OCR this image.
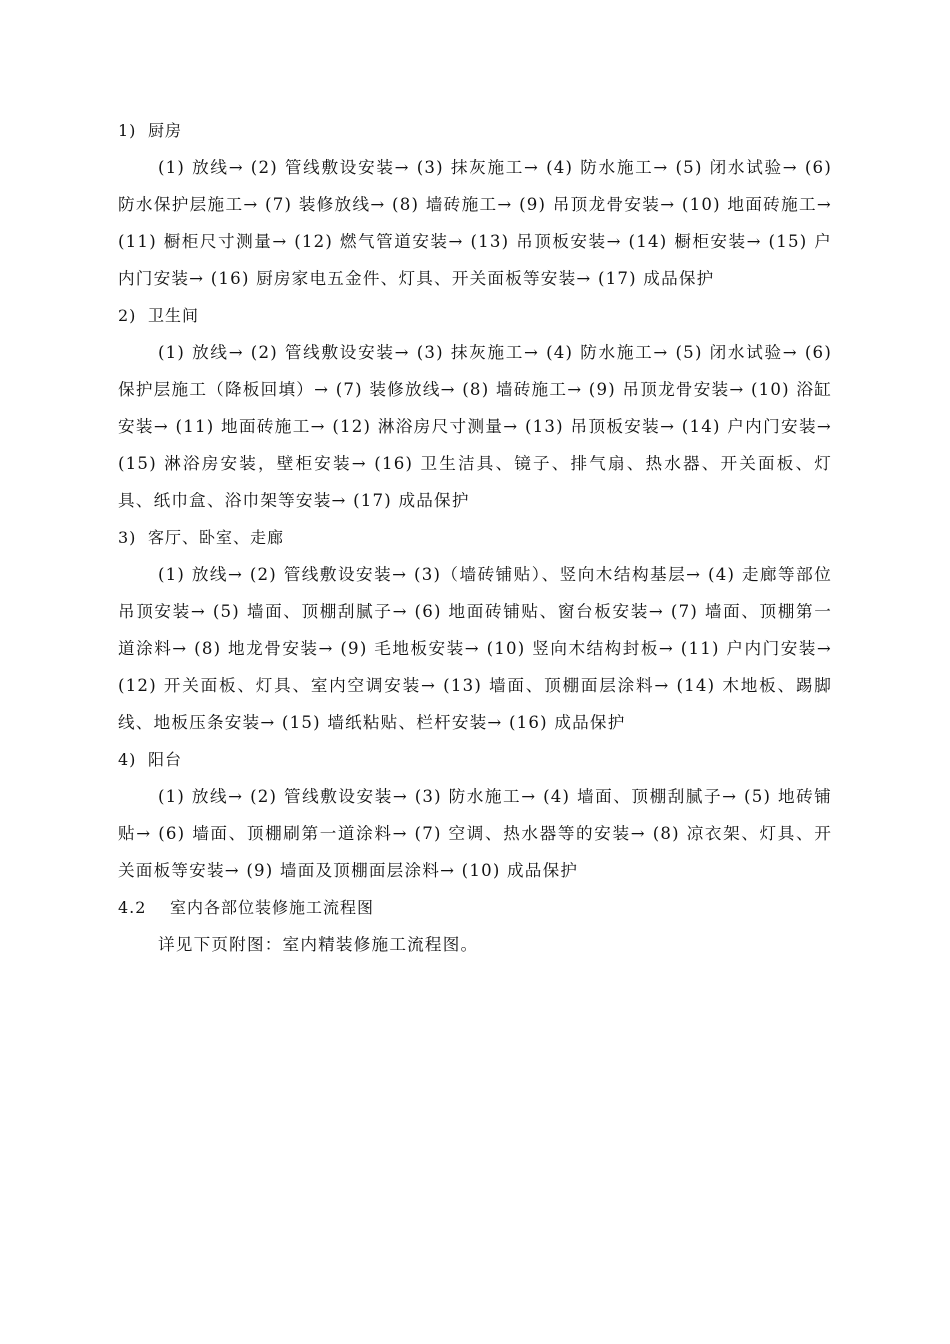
1) 厨房

(1) 放线→ (2) 管线敷设安装→ (3) 抹灰施工→ (4) 防水施工→ (5) 闭水试验→ (6) 防水保护层施工→ (7) 装修放线→ (8) 墙砖施工→ (9) 吊顶龙骨安装→ (10) 地面砖施工→ (11) 橱柜尺寸测量→ (12) 燃气管道安装→ (13) 吊顶板安装→ (14) 橱柜安装→ (15) 户内门安装→ (16) 厨房家电五金件、灯具、开关面板等安装→ (17) 成品保护

2) 卫生间

(1) 放线→ (2) 管线敷设安装→ (3) 抹灰施工→ (4) 防水施工→ (5) 闭水试验→ (6) 保护层施工（降板回填）→ (7) 装修放线→ (8) 墙砖施工→ (9) 吊顶龙骨安装→ (10) 浴缸安装→ (11) 地面砖施工→ (12) 淋浴房尺寸测量→ (13) 吊顶板安装→ (14) 户内门安装→ (15) 淋浴房安装，壁柜安装→ (16) 卫生洁具、镜子、排气扇、热水器、开关面板、灯具、纸巾盒、浴巾架等安装→ (17) 成品保护

3) 客厅、卧室、走廊

(1) 放线→ (2) 管线敷设安装→ (3)（墙砖铺贴）、竖向木结构基层→ (4) 走廊等部位吊顶安装→ (5) 墙面、顶棚刮腻子→ (6) 地面砖铺贴、窗台板安装→ (7) 墙面、顶棚第一道涂料→ (8) 地龙骨安装→ (9) 毛地板安装→ (10) 竖向木结构封板→ (11) 户内门安装→ (12) 开关面板、灯具、室内空调安装→ (13) 墙面、顶棚面层涂料→ (14) 木地板、踢脚线、地板压条安装→ (15) 墙纸粘贴、栏杆安装→ (16) 成品保护

4) 阳台

(1) 放线→ (2) 管线敷设安装→ (3) 防水施工→ (4) 墙面、顶棚刮腻子→ (5) 地砖铺贴→ (6) 墙面、顶棚刷第一道涂料→ (7) 空调、热水器等的安装→ (8) 凉衣架、灯具、开关面板等安装→ (9) 墙面及顶棚面层涂料→ (10) 成品保护

4.2 室内各部位装修施工流程图

详见下页附图：室内精装修施工流程图。
